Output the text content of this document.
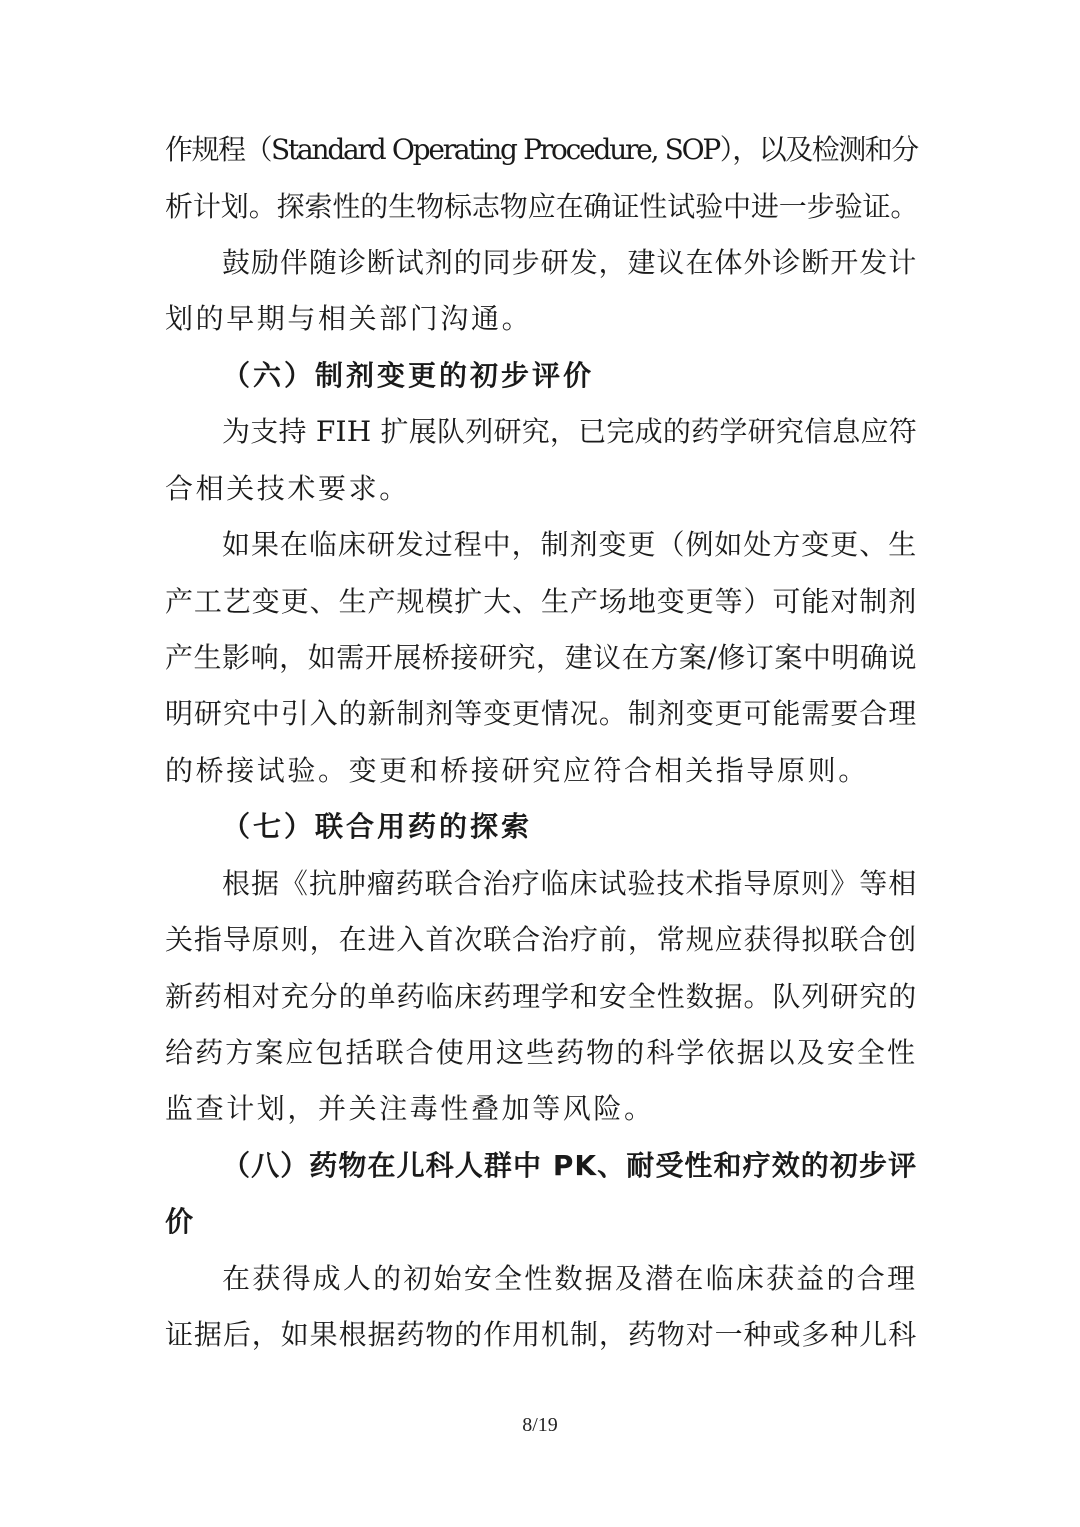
作规程（Standard Operating Procedure, SOP），以及检测和分
析计划。探索性的生物标志物应在确证性试验中进一步验证。
鼓励伴随诊断试剂的同步研发，建议在体外诊断开发计
划的早期与相关部门沟通。
（六）制剂变更的初步评价
为支持 FIH 扩展队列研究，已完成的药学研究信息应符
合相关技术要求。
如果在临床研发过程中，制剂变更（例如处方变更、生
产工艺变更、生产规模扩大、生产场地变更等）可能对制剂
产生影响，如需开展桥接研究，建议在方案/修订案中明确说
明研究中引入的新制剂等变更情况。制剂变更可能需要合理
的桥接试验。变更和桥接研究应符合相关指导原则。
（七）联合用药的探索
根据《抗肿瘤药联合治疗临床试验技术指导原则》等相
关指导原则，在进入首次联合治疗前，常规应获得拟联合创
新药相对充分的单药临床药理学和安全性数据。队列研究的
给药方案应包括联合使用这些药物的科学依据以及安全性
监查计划，并关注毒性叠加等风险。
（八）药物在儿科人群中 PK、耐受性和疗效的初步评
价
在获得成人的初始安全性数据及潜在临床获益的合理
证据后，如果根据药物的作用机制，药物对一种或多种儿科
8/19
